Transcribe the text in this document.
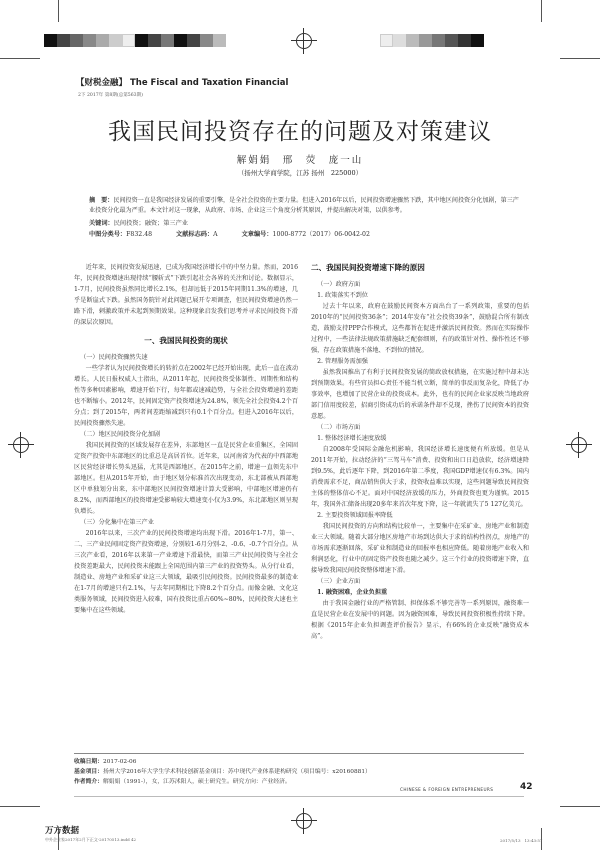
【财税金融】 The Fiscal and Taxation Financial
2下 2017年 第8期(总第563期)
我国民间投资存在的问题及对策建议
解娟娟　邢　荧　庞一山
（扬州大学商学院，江苏 扬州　225000）
摘　要：民间投资一直是我国经济发展的重要引擎，是全社会投资的主要力量。但进入2016年以后，民间投资增速骤然下跌，其中地区间投资分化加剧，第三产业投资分化最为严重。本文针对这一现象，从政府、市场、企业这三个角度分析其原因，并提出解决对策，以供参考。
关键词：民间投资；融资；第三产业
中图分类号：F832.48	文献标志码：A	文章编号：1000-8772（2017）06-0042-02

近年来，民间投资发展迅速，已成为我国经济增长中的中坚力量。然而，2016年，民间投资增速出现持续“腰斩式”下跌引起社会各界的关注和讨论。数据显示，1-7月，民间投资虽然同比增长2.1%，但却远低于2015年同期11.3%的增速，几乎是断崖式下跌。虽然国务院针对此问题已展开专项调查，但民间投资增速仍然一路下滑，刺激政策并未起到预期效果。这种现象启发我们思考并寻求民间投资下滑的深层次原因。

一、我国民间投资的现状

（一）民间投资骤然失速

一些学者认为民间投资增长的转折点在2002年已经开始出现，此后一直在波动增长。人民日报权威人士指出，从2011年起，民间投资受体制性、周期性和结构性等多种因素影响，增速开始下行，每年都或速减趋势，与全社会投资增速的差距也不断缩小。2012年，民间固定资产投资增速为24.8%，领先全社会投资4.2个百分点；到了2015年，两者间差距缩减到只有0.1个百分点。但进入2016年以后，民间投资骤然失速。

（二）地区民间投资分化加剧

我国民间投资的区域发展存在差异，东部地区一直是民营企业重集区，全国固定资产投资中东部地区的比重总是高居首位。近年来，以河南省为代表的中西部地区民营经济增长势头迅猛，尤其是西部地区，在2015年之前，增速一直领先东中部地区。但从2015年开始，由于地区划分标准首次出现变动，东北部被从西部地区中单独划分出来，东中部地区民间投资增速计算大受影响，中部地区增速仍有8.2%，而西部地区的投资增速受影响较大增速变小仅为3.9%，东北部地区则呈现负增长。

（三）分化集中在第三产业

2016年以来，三次产业的民间投资增速均出现下滑。2016年1-7月，第一、二、三产业民间固定资产投资增速，分别较1-6月分别-2、-0.6、-0.7个百分点。从三次产业看，2016年以来第一产业增速下滑最快，而第三产业民间投资与全社会投资差距最大，民间投资未能跟上全国范围内第三产业的投资势头。从分行业看，制造业、房地产业和采矿业这三大领域，最吸引民间投资。民间投资最多的制造业在1-7月的增速只有2.1%，与去年同期相比下降8.2个百分点。而像金融、文化这类服务领域，民间投资进入较难，国有投资比重占60%~80%，民间投资大速也主要集中在这些领域。

二、我国民间投资增速下降的原因

（一）政府方面

1. 政策落实不到位

过去十年以来，政府在鼓励民间资本方面出台了一系列政策，重要的包括2010年的“民间投资36条”；2014年发布“社会投资39条”，鼓励混合所有制改造，鼓励支持PPP合作模式，这些都旨在促进并激活民间投资。然而在实际操作过程中，一些法律法规政策措施缺乏配套细则，有的政策针对性、操作性还不够强，存在政策措施不落地、不到位的情况。

2. 管理服务需加强

虽然我国推出了有利于民间投资发展的简政放权措施，在实施过程中却未达到预期效果。有些官员担心责任不能当机立断，简单的事反而复杂化，降低了办事效率，也增加了民营企业的投资成本。此外，也有的民间企业家反映当地政府部门信用度较差，招商引资成功后的承诺条件却不兑现，挫伤了民间资本的投资意愿。

（二）市场方面

1. 整体经济增长速度放缓

自2008年受国际金融危机影响，我国经济增长速度便有所放缓。但是从2011年开始，拉动经济的“三驾马车”消费、投资和出口日趋放软，经济增速降到9.5%，此后逐年下降，到2016年第二季度，我国GDP增速仅有6.3%。国内消费需求不足，商品销售供大于求，投资收益难以实现，这些问题导致民间投资主体的整体信心不足。面对中国经济放缓的压力，外商投资也更为谨慎。2015年，我国外汇储备出现20多年来首次年度下降，这一年就流失了5 127亿美元。

2. 主要投资领域回报率降低

我国民间投资的方向和结构比较单一，主要集中在采矿业、房地产业和制造业三大领域。随着大部分地区房地产市场到达供大于求的结构性拐点，房地产的市场需求逐渐回落，采矿业和制造业的回报率也相应降低。随着房地产业收入和利润恶化，行业中的固定资产投资也随之减少。这三个行业的投资增速下降，直接导致我国民间投资整体增速下滑。

（三）企业方面

1. 融资困难，企业负担重

由于我国金融行业的严格管制、担保体系不够完善等一系列原因，融资难一直是民营企业在发展中的问题。因为融资困难，导致民间投资积极性持续下降。根据《2015年企业负担调查评价报告》显示，有66%的企业反映“融资成本高”。

收稿日期：2017-02-06
基金项目：扬州大学2016年大学生学术科技创新基金项目：苏中现代产业体系建构研究（项目编号：x20160881）
作者简介：解娟娟（1991-），女，江苏沭阳人，硕士研究生。研究方向：产业经济。
CHINESE & FOREIGN ENTREPRENEURS	42
万方数据
中外企业家2017年2月下正文-20170513.indd 42	2017/5/13　13:43:57
